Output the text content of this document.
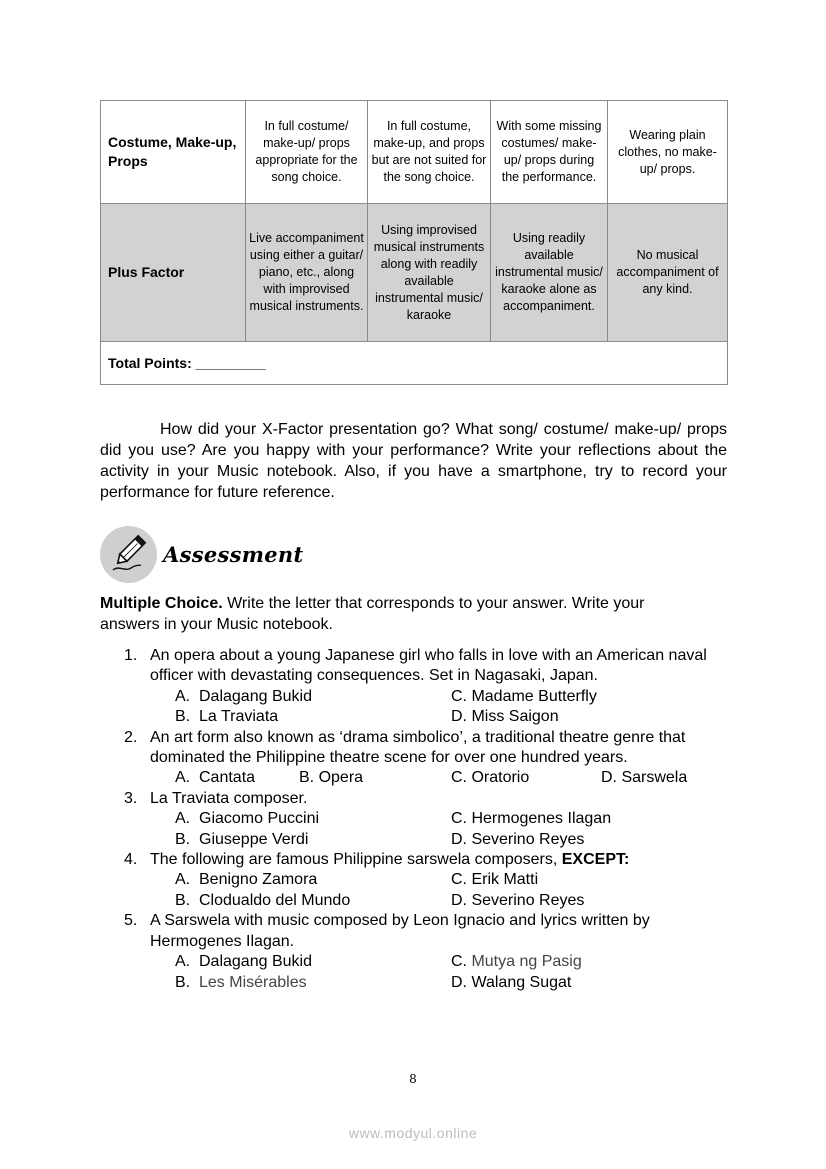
Costume, Make-up, Props	In full costume/ make-up/ props appropriate for the song choice.	In full costume, make-up, and props but are not suited for the song choice.	With some missing costumes/ make-up/ props during the performance.	Wearing plain clothes, no make-up/ props.
Plus Factor	Live accompaniment using either a guitar/ piano, etc., along with improvised musical instruments.	Using improvised musical instruments along with readily available instrumental music/ karaoke	Using readily available instrumental music/ karaoke alone as accompaniment.	No musical accompaniment of any kind.
Total Points: _________				

How did your X-Factor presentation go? What song/ costume/ make-up/ props did you use? Are you happy with your performance? Write your reflections about the activity in your Music notebook. Also, if you have a smartphone, try to record your performance for future reference.

Assessment

Multiple Choice. Write the letter that corresponds to your answer. Write your answers in your Music notebook.

1. An opera about a young Japanese girl who falls in love with an American naval officer with devastating consequences. Set in Nagasaki, Japan.
A. Dalagang Bukid	C. Madame Butterfly
B. La Traviata	D. Miss Saigon
2. An art form also known as ‘drama simbolico’, a traditional theatre genre that dominated the Philippine theatre scene for over one hundred years.
A. Cantata	B. Opera	C. Oratorio	D. Sarswela
3. La Traviata composer.
A. Giacomo Puccini	C. Hermogenes Ilagan
B. Giuseppe Verdi	D. Severino Reyes
4. The following are famous Philippine sarswela composers, EXCEPT:
A. Benigno Zamora	C. Erik Matti
B. Clodualdo del Mundo	D. Severino Reyes
5. A Sarswela with music composed by Leon Ignacio and lyrics written by Hermogenes Ilagan.
A. Dalagang Bukid	C. Mutya ng Pasig
B. Les Misérables	D. Walang Sugat
8
www.modyul.online
